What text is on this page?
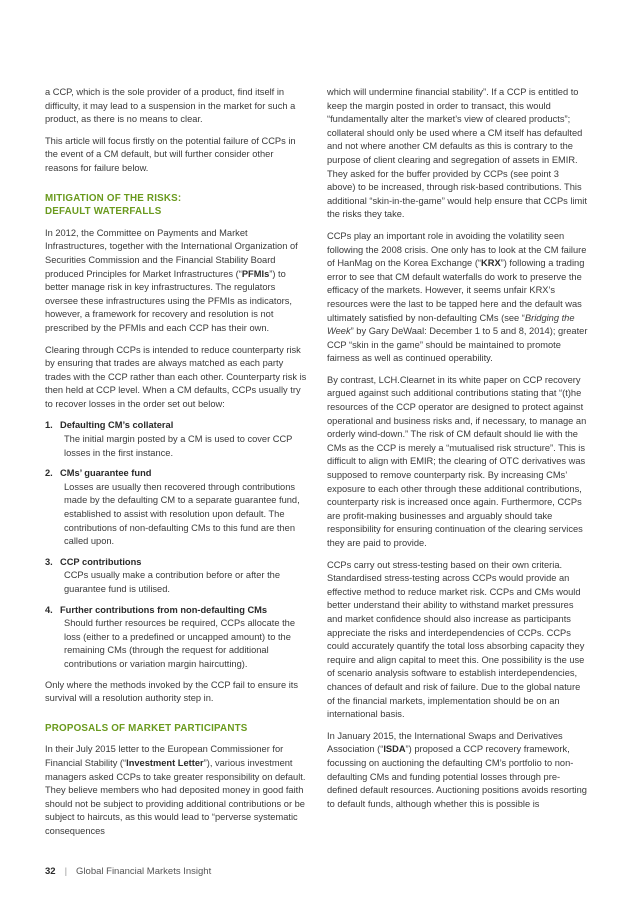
a CCP, which is the sole provider of a product, find itself in difficulty, it may lead to a suspension in the market for such a product, as there is no means to clear.

This article will focus firstly on the potential failure of CCPs in the event of a CM default, but will further consider other reasons for failure below.

MITIGATION OF THE RISKS:
DEFAULT WATERFALLS

In 2012, the Committee on Payments and Market Infrastructures, together with the International Organization of Securities Commission and the Financial Stability Board produced Principles for Market Infrastructures (“PFMIs”) to better manage risk in key infrastructures. The regulators oversee these infrastructures using the PFMIs as indicators, however, a framework for recovery and resolution is not prescribed by the PFMIs and each CCP has their own.

Clearing through CCPs is intended to reduce counterparty risk by ensuring that trades are always matched as each party trades with the CCP rather than each other. Counterparty risk is then held at CCP level. When a CM defaults, CCPs usually try to recover losses in the order set out below:

1. Defaulting CM’s collateral
The initial margin posted by a CM is used to cover CCP losses in the first instance.
2. CMs’ guarantee fund
Losses are usually then recovered through contributions made by the defaulting CM to a separate guarantee fund, established to assist with resolution upon default. The contributions of non-defaulting CMs to this fund are then called upon.
3. CCP contributions
CCPs usually make a contribution before or after the guarantee fund is utilised.
4. Further contributions from non-defaulting CMs
Should further resources be required, CCPs allocate the loss (either to a predefined or uncapped amount) to the remaining CMs (through the request for additional contributions or variation margin haircutting).

Only where the methods invoked by the CCP fail to ensure its survival will a resolution authority step in.

PROPOSALS OF MARKET PARTICIPANTS

In their July 2015 letter to the European Commissioner for Financial Stability (“Investment Letter”), various investment managers asked CCPs to take greater responsibility on default. They believe members who had deposited money in good faith should not be subject to providing additional contributions or be subject to haircuts, as this would lead to “perverse systematic consequences

which will undermine financial stability”. If a CCP is entitled to keep the margin posted in order to transact, this would “fundamentally alter the market’s view of cleared products”; collateral should only be used where a CM itself has defaulted and not where another CM defaults as this is contrary to the purpose of client clearing and segregation of assets in EMIR. They asked for the buffer provided by CCPs (see point 3 above) to be increased, through risk-based contributions. This additional “skin-in-the-game” would help ensure that CCPs limit the risks they take.

CCPs play an important role in avoiding the volatility seen following the 2008 crisis. One only has to look at the CM failure of HanMag on the Korea Exchange (“KRX”) following a trading error to see that CM default waterfalls do work to preserve the efficacy of the markets. However, it seems unfair KRX’s resources were the last to be tapped here and the default was ultimately satisfied by non-defaulting CMs (see “Bridging the Week” by Gary DeWaal: December 1 to 5 and 8, 2014); greater CCP “skin in the game” should be maintained to promote fairness as well as continued operability.

By contrast, LCH.Clearnet in its white paper on CCP recovery argued against such additional contributions stating that “(t)he resources of the CCP operator are designed to protect against operational and business risks and, if necessary, to manage an orderly wind-down.” The risk of CM default should lie with the CMs as the CCP is merely a “mutualised risk structure”. This is difficult to align with EMIR; the clearing of OTC derivatives was supposed to remove counterparty risk. By increasing CMs’ exposure to each other through these additional contributions, counterparty risk is increased once again. Furthermore, CCPs are profit-making businesses and arguably should take responsibility for ensuring continuation of the clearing services they are paid to provide.

CCPs carry out stress-testing based on their own criteria. Standardised stress-testing across CCPs would provide an effective method to reduce market risk. CCPs and CMs would better understand their ability to withstand market pressures and market confidence should also increase as participants appreciate the risks and interdependencies of CCPs. CCPs could accurately quantify the total loss absorbing capacity they require and align capital to meet this. One possibility is the use of scenario analysis software to establish interdependencies, chances of default and risk of failure. Due to the global nature of the financial markets, implementation should be on an international basis.

In January 2015, the International Swaps and Derivatives Association (“ISDA”) proposed a CCP recovery framework, focussing on auctioning the defaulting CM’s portfolio to non-defaulting CMs and funding potential losses through pre-defined default resources. Auctioning positions avoids resorting to default funds, although whether this is possible is

32 | Global Financial Markets Insight
